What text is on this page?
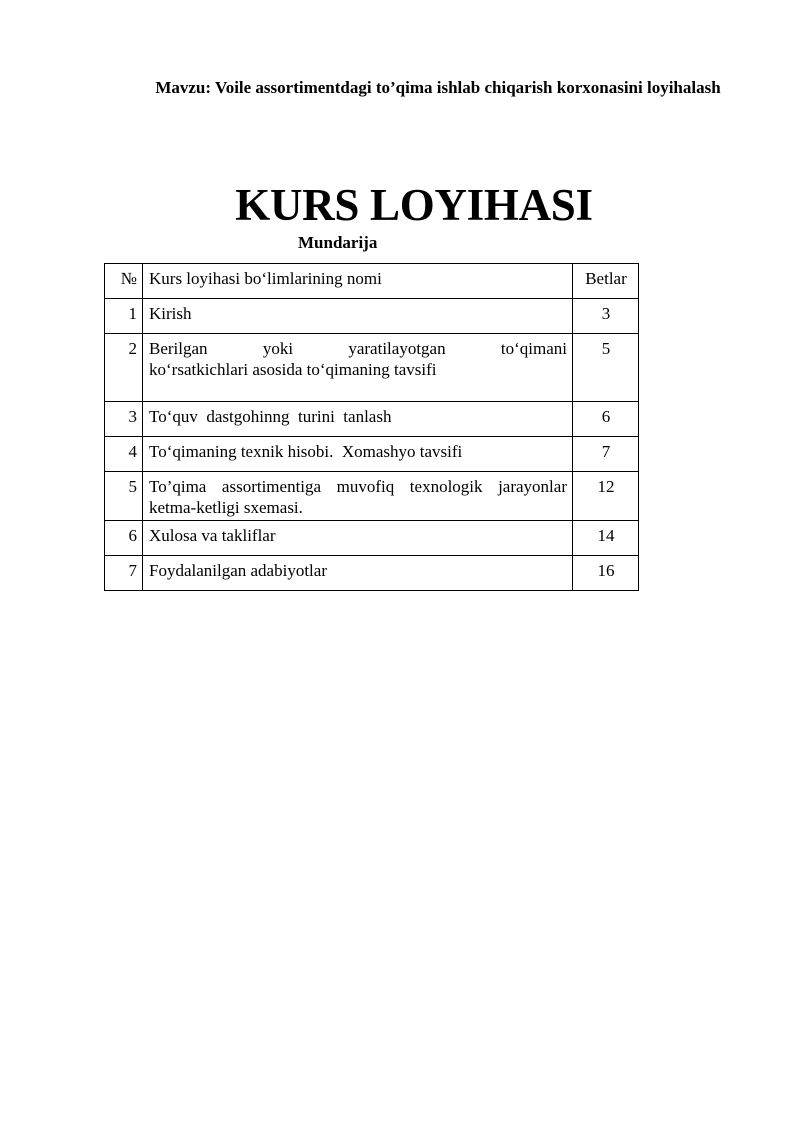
Mavzu: Voile assortimentdagi to’qima ishlab chiqarish korxonasini loyihalash
KURS LOYIHASI
Mundarija
№	Kurs loyihasi bo‘limlarining nomi	Betlar
1	Kirish	3
2	Berilgan yoki yaratilayotgan to‘qimani
ko‘rsatkichlari asosida to‘qimaning tavsifi	5
3	To‘quv  dastgohinng  turini  tanlash	6
4	To‘qimaning texnik hisobi.  Xomashyo tavsifi	7
5	To’qima assortimentiga muvofiq texnologik jarayonlar ketma-ketligi sxemasi.	12
6	Xulosa va takliflar	14
7	Foydalanilgan adabiyotlar	16
